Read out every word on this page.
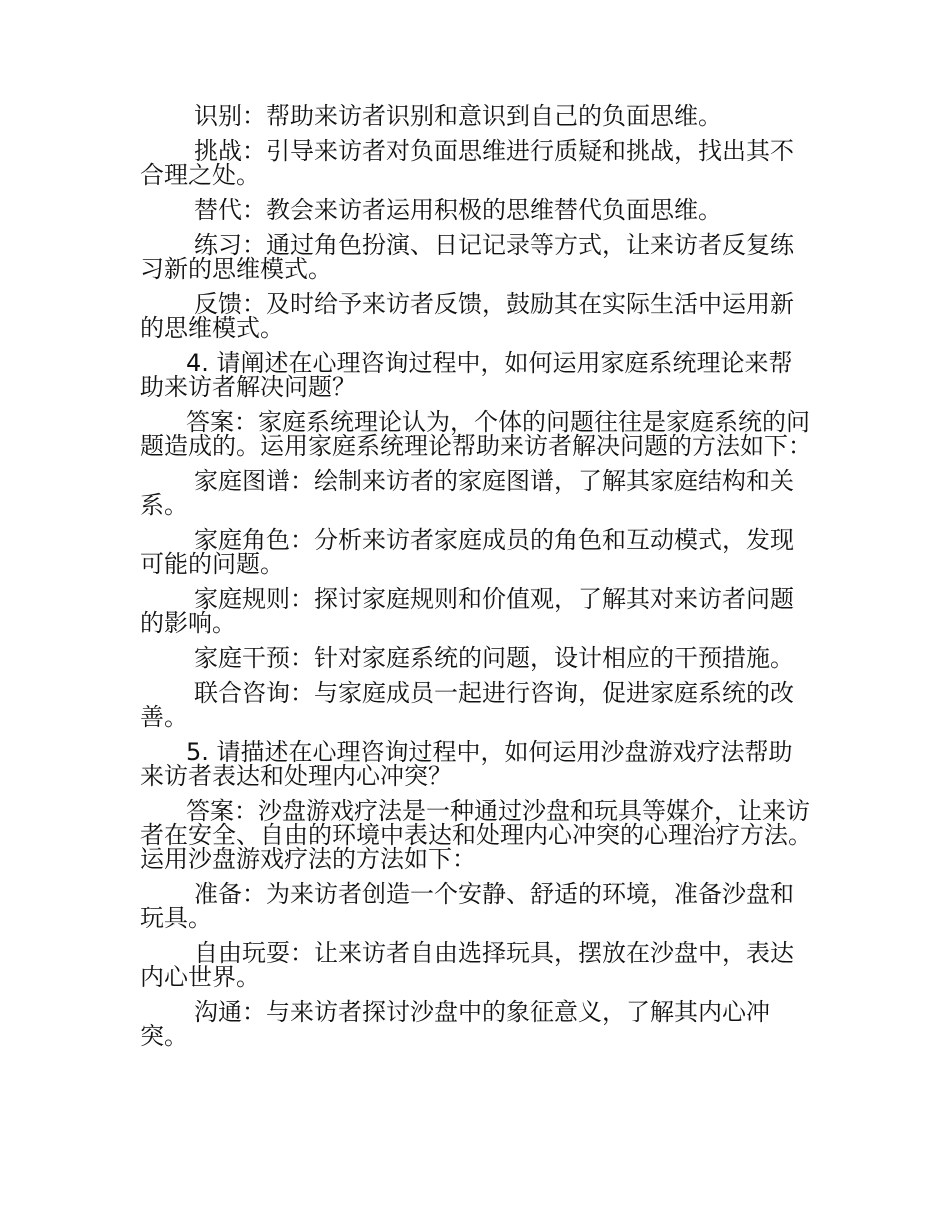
识别：帮助来访者识别和意识到自己的负面思维。

挑战：引导来访者对负面思维进行质疑和挑战，找出其不合理之处。

替代：教会来访者运用积极的思维替代负面思维。

练习：通过角色扮演、日记记录等方式，让来访者反复练习新的思维模式。

反馈：及时给予来访者反馈，鼓励其在实际生活中运用新的思维模式。

4. 请阐述在心理咨询过程中，如何运用家庭系统理论来帮助来访者解决问题？

答案：家庭系统理论认为，个体的问题往往是家庭系统的问题造成的。运用家庭系统理论帮助来访者解决问题的方法如下：

家庭图谱：绘制来访者的家庭图谱，了解其家庭结构和关系。

家庭角色：分析来访者家庭成员的角色和互动模式，发现可能的问题。

家庭规则：探讨家庭规则和价值观，了解其对来访者问题的影响。

家庭干预：针对家庭系统的问题，设计相应的干预措施。

联合咨询：与家庭成员一起进行咨询，促进家庭系统的改善。

5. 请描述在心理咨询过程中，如何运用沙盘游戏疗法帮助来访者表达和处理内心冲突？

答案：沙盘游戏疗法是一种通过沙盘和玩具等媒介，让来访者在安全、自由的环境中表达和处理内心冲突的心理治疗方法。运用沙盘游戏疗法的方法如下：

准备：为来访者创造一个安静、舒适的环境，准备沙盘和玩具。

自由玩耍：让来访者自由选择玩具，摆放在沙盘中，表达内心世界。

沟通：与来访者探讨沙盘中的象征意义，了解其内心冲突。
